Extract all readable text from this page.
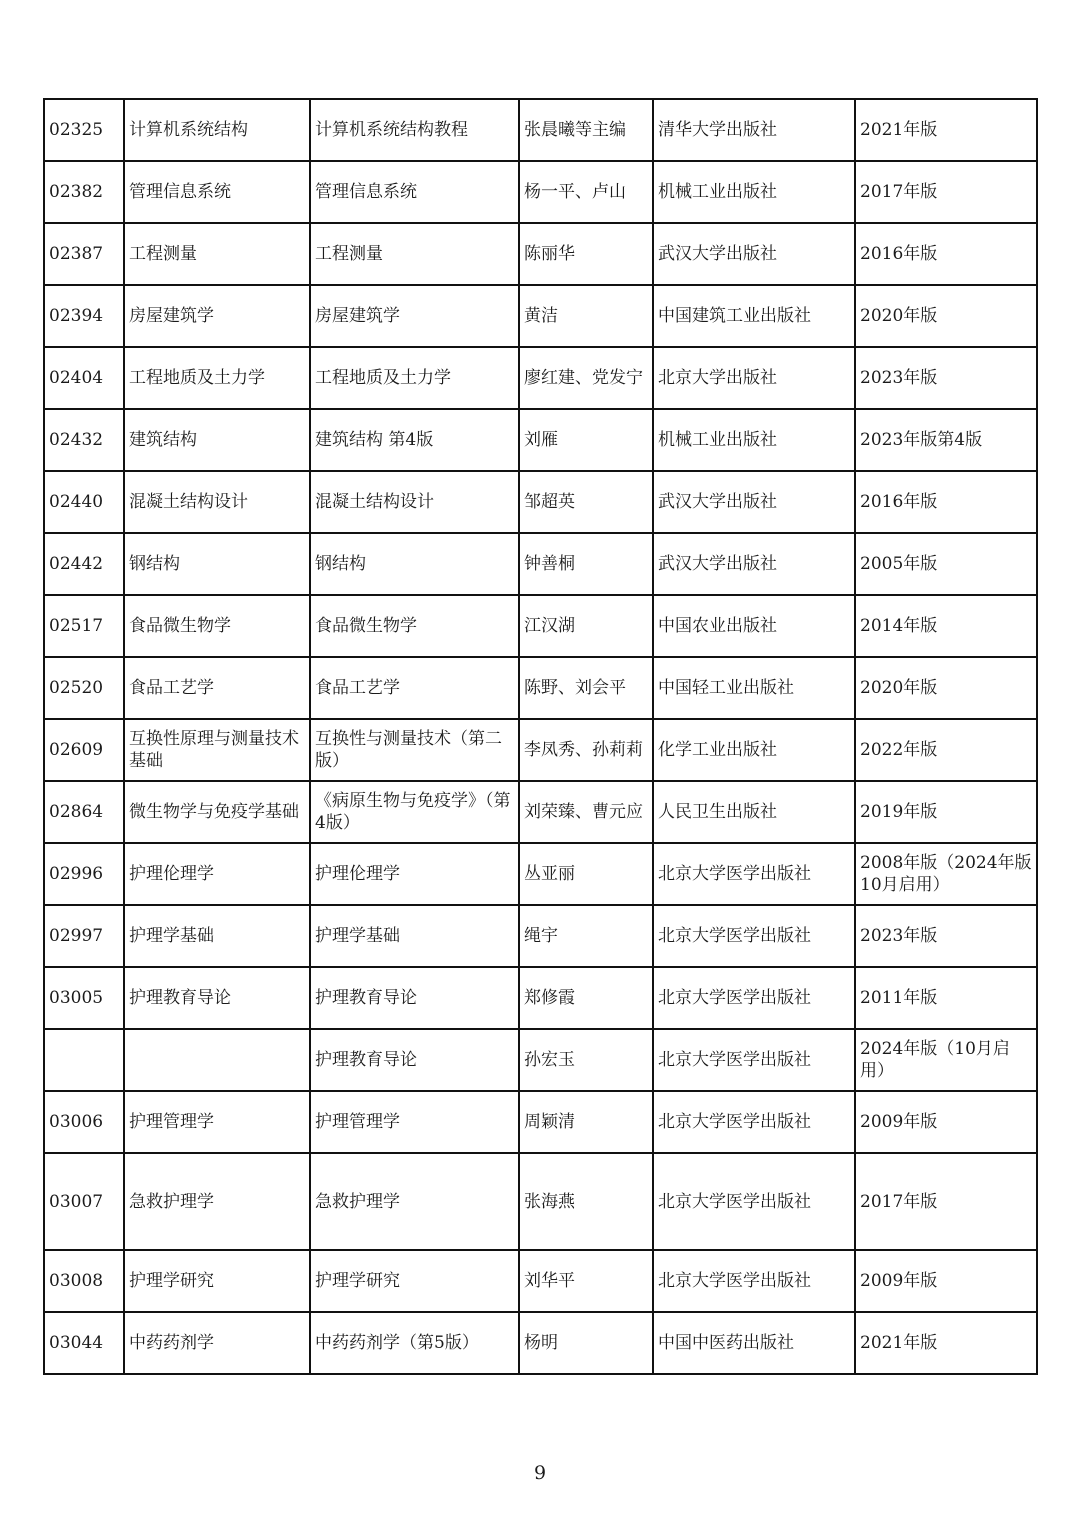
02325	计算机系统结构	计算机系统结构教程	张晨曦等主编	清华大学出版社	2021年版
02382	管理信息系统	管理信息系统	杨一平、卢山	机械工业出版社	2017年版
02387	工程测量	工程测量	陈丽华	武汉大学出版社	2016年版
02394	房屋建筑学	房屋建筑学	黄洁	中国建筑工业出版社	2020年版
02404	工程地质及土力学	工程地质及土力学	廖红建、党发宁	北京大学出版社	2023年版
02432	建筑结构	建筑结构 第4版	刘雁	机械工业出版社	2023年版第4版
02440	混凝土结构设计	混凝土结构设计	邹超英	武汉大学出版社	2016年版
02442	钢结构	钢结构	钟善桐	武汉大学出版社	2005年版
02517	食品微生物学	食品微生物学	江汉湖	中国农业出版社	2014年版
02520	食品工艺学	食品工艺学	陈野、刘会平	中国轻工业出版社	2020年版
02609	互换性原理与测量技术基础	互换性与测量技术（第二版）	李凤秀、孙莉莉	化学工业出版社	2022年版
02864	微生物学与免疫学基础	《病原生物与免疫学》（第4版）	刘荣臻、曹元应	人民卫生出版社	2019年版
02996	护理伦理学	护理伦理学	丛亚丽	北京大学医学出版社	2008年版（2024年版10月启用）
02997	护理学基础	护理学基础	绳宇	北京大学医学出版社	2023年版
03005	护理教育导论	护理教育导论	郑修霞	北京大学医学出版社	2011年版
		护理教育导论	孙宏玉	北京大学医学出版社	2024年版（10月启用）
03006	护理管理学	护理管理学	周颖清	北京大学医学出版社	2009年版
03007	急救护理学	急救护理学	张海燕	北京大学医学出版社	2017年版
03008	护理学研究	护理学研究	刘华平	北京大学医学出版社	2009年版
03044	中药药剂学	中药药剂学（第5版）	杨明	中国中医药出版社	2021年版
9
